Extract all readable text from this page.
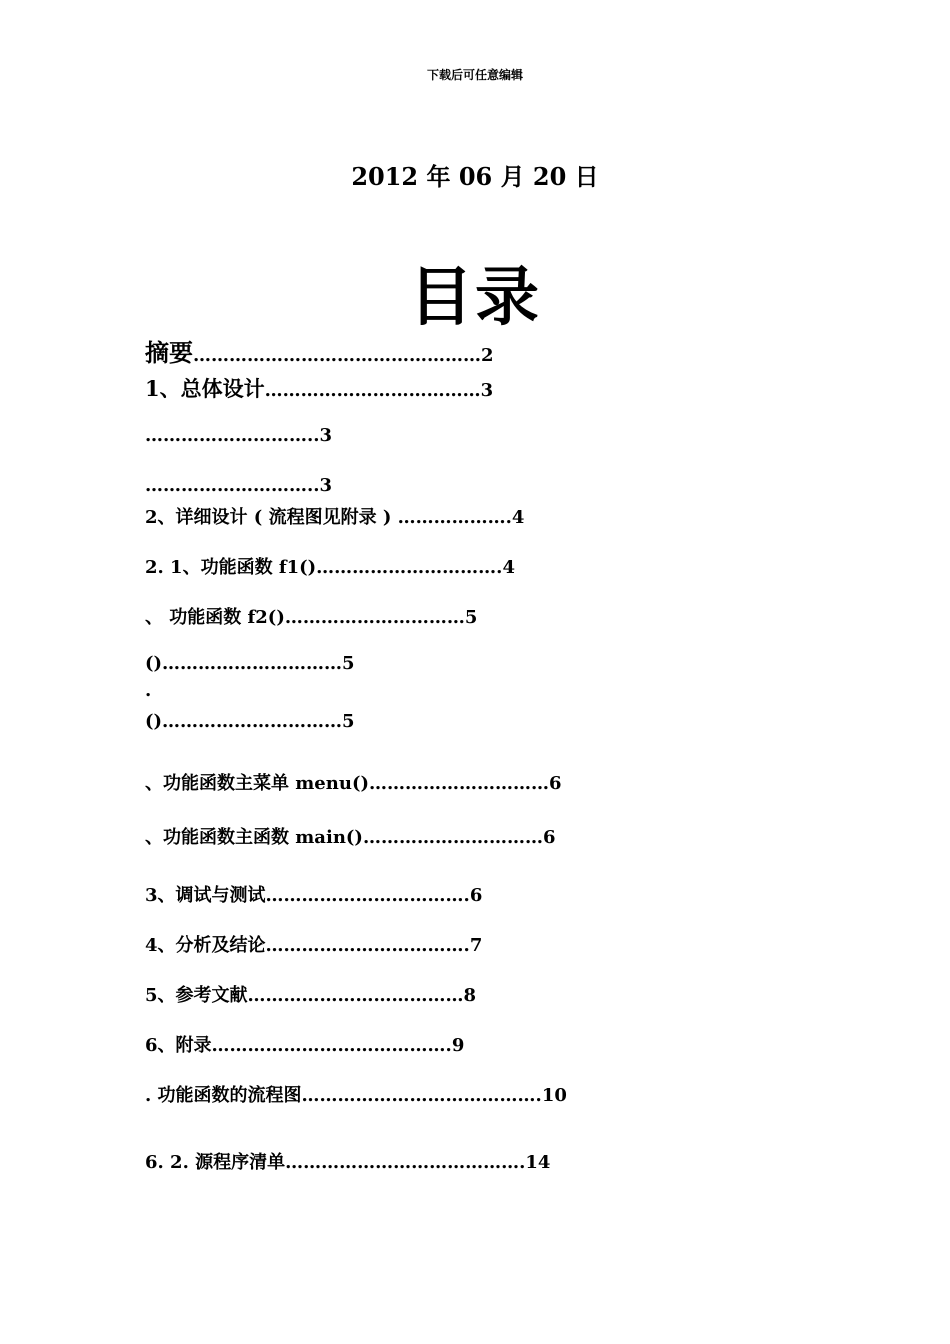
下载后可任意编辑
2012 年 06 月 20 日
目录
摘要…………………………………………2
1、总体设计………………………………3
………………………..3
………………………..3
2、详细设计 ( 流程图见附录 ) ……………….4
2. 1、功能函数 f1()………………………….4
、 功能函数 f2()…………………………5
()…………………………5
.
()…………………………5
、功能函数主菜单 menu()…………………………6
、功能函数主函数 main()…………………………6
3、调试与测试…………………………….6
4、分析及结论…………………………….7
5、参考文献………………………………8
6、附录………………………………….9
. 功能函数的流程图………………………………….10
6. 2. 源程序清单………………………………….14
